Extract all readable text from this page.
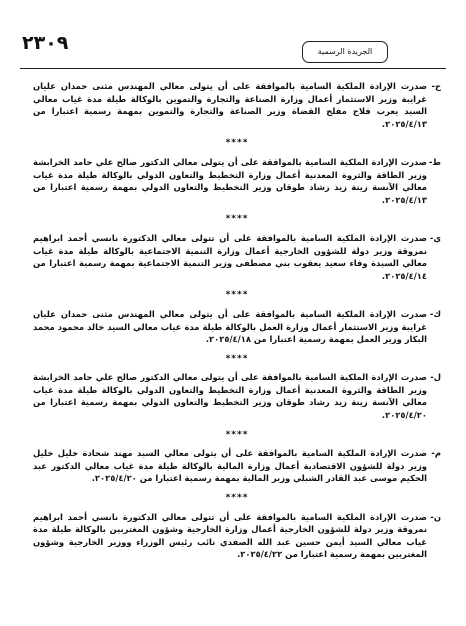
٢٣٠٩	الجريدة الرسمية
ح-
صدرت الإرادة الملكية السامية بالموافقة على أن يتولى معالي المهندس مثنى حمدان عليان غرايبة وزير الاستثمار أعمال وزارة الصناعة والتجارة والتموين بالوكالة طيلة مدة غياب معالي السيد يعرب فلاح مفلح القضاة وزير الصناعة والتجارة والتموين بمهمة رسمية اعتبارا من ٢٠٢٥/٤/١٣.
****
ط-
صدرت الإرادة الملكية السامية بالموافقة على أن يتولى معالي الدكتور صالح علي حامد الخرابشة وزير الطاقة والثروة المعدنية أعمال وزارة التخطيط والتعاون الدولي بالوكالة طيلة مدة غياب معالي الآنسة زينة زيد رشاد طوقان وزير التخطيط والتعاون الدولي بمهمة رسمية اعتبارا من ٢٠٢٥/٤/١٣.
****
ي-
صدرت الإرادة الملكية السامية بالموافقة على أن تتولى معالي الدكتورة نانسي أحمد ابراهيم نمروقة وزير دولة للشؤون الخارجية أعمال وزارة التنمية الاجتماعية بالوكالة طيلة مدة غياب معالي السيدة وفاء سعيد يعقوب بني مصطفى وزير التنمية الاجتماعية بمهمة رسمية اعتبارا من ٢٠٢٥/٤/١٤.
****
ك-
صدرت الإرادة الملكية السامية بالموافقة على أن يتولى معالي المهندس مثنى حمدان عليان غرايبة وزير الاستثمار أعمال وزارة العمل بالوكالة طيلة مدة غياب معالي السيد خالد محمود محمد البكار وزير العمل بمهمة رسمية اعتبارا من ٢٠٢٥/٤/١٨.
****
ل-
صدرت الإرادة الملكية السامية بالموافقة على أن يتولى معالي الدكتور صالح علي حامد الخرابشة وزير الطاقة والثروة المعدنية أعمال وزارة التخطيط والتعاون الدولي بالوكالة طيلة مدة غياب معالي الآنسة زينة زيد رشاد طوقان وزير التخطيط والتعاون الدولي بمهمة رسمية اعتبارا من ٢٠٢٥/٤/٢٠.
****
م-
صدرت الإرادة الملكية السامية بالموافقة على أن يتولى معالي السيد مهند شحادة خليل خليل وزير دولة للشؤون الاقتصادية أعمال وزارة المالية بالوكالة طيلة مدة غياب معالي الدكتور عبد الحكيم موسى عبد القادر الشبلي وزير المالية بمهمة رسمية اعتبارا من ٢٠٢٥/٤/٢٠.
****
ن-
صدرت الإرادة الملكية السامية بالموافقة على أن تتولى معالي الدكتورة نانسي أحمد ابراهيم نمروقة وزير دولة للشؤون الخارجية أعمال وزارة الخارجية وشؤون المغتربين بالوكالة طيلة مدة غياب معالي السيد أيمن حسين عبد الله الصفدي نائب رئيس الوزراء ووزير الخارجية وشؤون المغتربين بمهمة رسمية اعتبارا من ٢٠٢٥/٤/٢٢.
